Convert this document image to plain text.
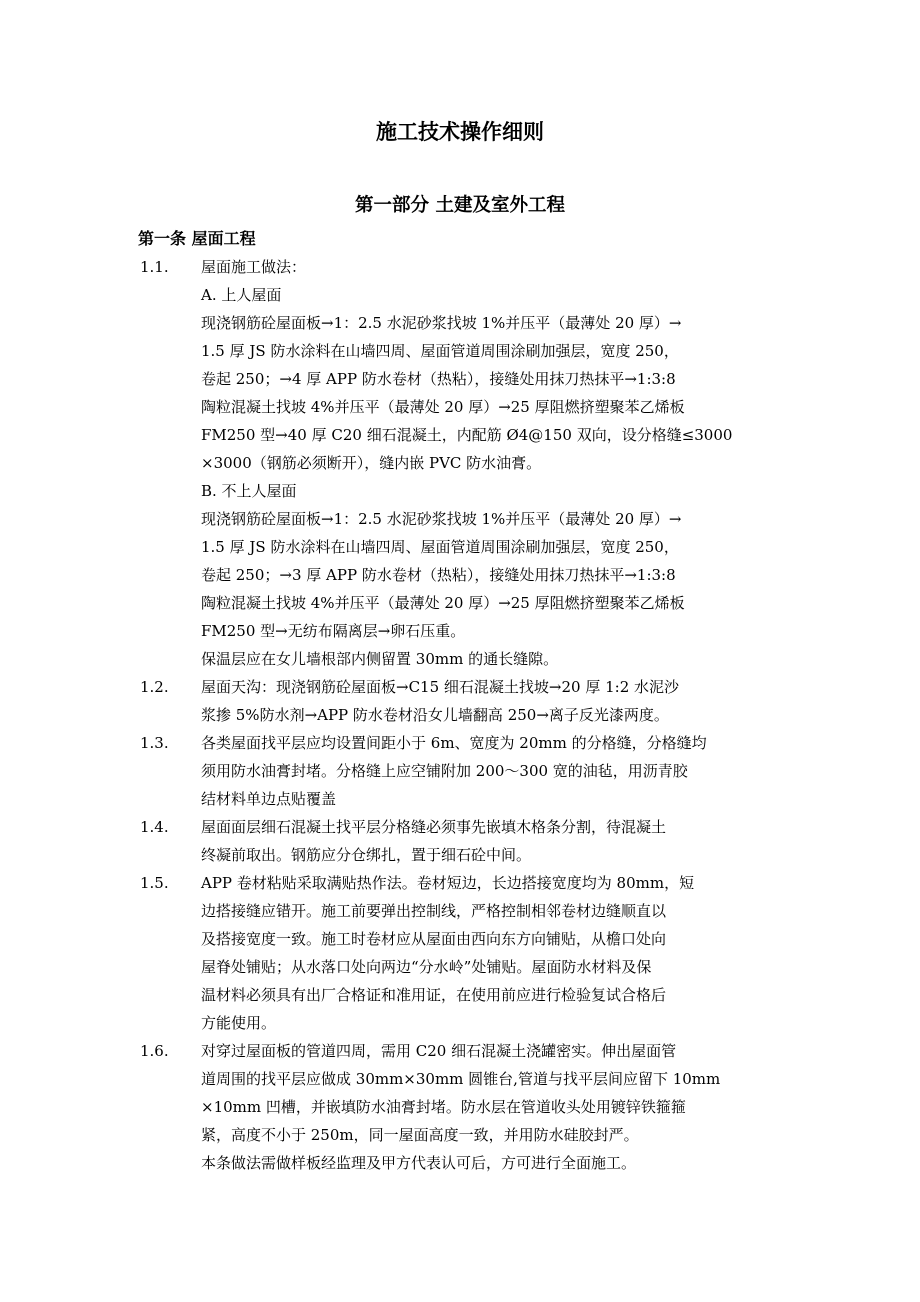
施工技术操作细则
第一部分 土建及室外工程
第一条 屋面工程
1.1. 屋面施工做法：
A. 上人屋面
现浇钢筋砼屋面板→1：2.5 水泥砂浆找坡 1%并压平（最薄处 20 厚）→
1.5 厚 JS 防水涂料在山墙四周、屋面管道周围涂刷加强层，宽度 250，
卷起 250；→4 厚 APP 防水卷材（热粘），接缝处用抹刀热抹平→1:3:8
陶粒混凝土找坡 4%并压平（最薄处 20 厚）→25 厚阻燃挤塑聚苯乙烯板
FM250 型→40 厚 C20 细石混凝土，内配筋 Ø4@150 双向，设分格缝≤3000
×3000（钢筋必须断开），缝内嵌 PVC 防水油膏。
B. 不上人屋面
现浇钢筋砼屋面板→1：2.5 水泥砂浆找坡 1%并压平（最薄处 20 厚）→
1.5 厚 JS 防水涂料在山墙四周、屋面管道周围涂刷加强层，宽度 250，
卷起 250；→3 厚 APP 防水卷材（热粘），接缝处用抹刀热抹平→1:3:8
陶粒混凝土找坡 4%并压平（最薄处 20 厚）→25 厚阻燃挤塑聚苯乙烯板
FM250 型→无纺布隔离层→卵石压重。
保温层应在女儿墙根部内侧留置 30mm 的通长缝隙。
1.2. 屋面天沟：现浇钢筋砼屋面板→C15 细石混凝土找坡→20 厚 1:2 水泥沙
浆掺 5%防水剂→APP 防水卷材沿女儿墙翻高 250→离子反光漆两度。
1.3. 各类屋面找平层应均设置间距小于 6m、宽度为 20mm 的分格缝，分格缝均
须用防水油膏封堵。分格缝上应空铺附加 200～300 宽的油毡，用沥青胶
结材料单边点贴覆盖
1.4. 屋面面层细石混凝土找平层分格缝必须事先嵌填木格条分割，待混凝土
终凝前取出。钢筋应分仓绑扎，置于细石砼中间。
1.5. APP 卷材粘贴采取满贴热作法。卷材短边，长边搭接宽度均为 80mm，短
边搭接缝应错开。施工前要弹出控制线，严格控制相邻卷材边缝顺直以
及搭接宽度一致。施工时卷材应从屋面由西向东方向铺贴，从檐口处向
屋脊处铺贴；从水落口处向两边“分水岭”处铺贴。屋面防水材料及保
温材料必须具有出厂合格证和准用证，在使用前应进行检验复试合格后
方能使用。
1.6. 对穿过屋面板的管道四周，需用 C20 细石混凝土浇罐密实。伸出屋面管
道周围的找平层应做成 30mm×30mm 圆锥台,管道与找平层间应留下 10mm
×10mm 凹槽，并嵌填防水油膏封堵。防水层在管道收头处用镀锌铁箍箍
紧，高度不小于 250m，同一屋面高度一致，并用防水硅胶封严。
本条做法需做样板经监理及甲方代表认可后，方可进行全面施工。
